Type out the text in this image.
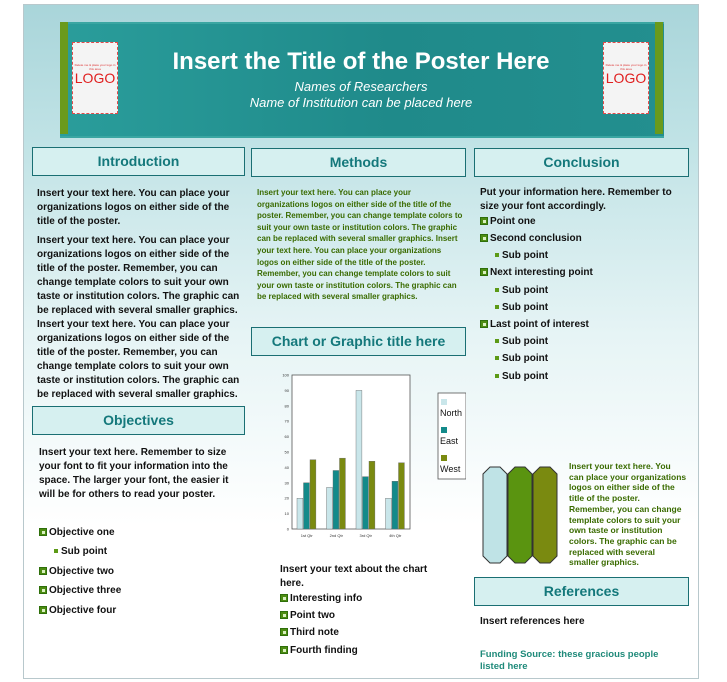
Delete me & place your logo in this area
LOGO
Delete me & place your logo in this area
LOGO
Insert the Title of the Poster Here
Names of Researchers
Name of Institution can be placed here
Introduction
Insert your text here. You can place your organizations logos on either side of the title of the poster.
Insert your text here. You can place your organizations logos on either side of the title of the poster. Remember, you can change template colors to suit your own taste or institution colors. The graphic can be replaced with several smaller graphics. Insert your text here. You can place your organizations logos on either side of the title of the poster. Remember, you can change template colors to suit your own taste or institution colors. The graphic can be replaced with several smaller graphics.
Objectives
Insert your text here. Remember to size your font to fit your information into the space. The larger your font, the easier it will be for others to read your poster.
Objective one
Sub point
Objective two
Objective three
Objective four
Methods
Insert your text here. You can place your organizations logos on either side of the title of the poster. Remember, you can change template colors to suit your own taste or institution colors. The graphic can be replaced with several smaller graphics. Insert your text here. You can place your organizations logos on either side of the title of the poster. Remember, you can change template colors to suit your own taste or institution colors. The graphic can be replaced with several smaller graphics.
Chart or Graphic title here
0
10
20
30
40
50
60
70
80
90
100
1st Qtr	2nd Qtr	3rd Qtr	4th Qtr
North
East
West
Insert your text about the chart here.
Interesting info
Point two
Third note
Fourth finding
Conclusion
Put your information here. Remember to size your font accordingly.
Point one
Second conclusion
Sub point
Next interesting point
Sub point
Sub point
Last point of interest
Sub point
Sub point
Sub point
Insert your text here. You can place your organizations logos on either side of the title of the poster. Remember, you can change template colors to suit your own taste or institution colors. The graphic can be replaced with several smaller graphics.
References
Insert references here
Funding Source: these gracious people listed here
